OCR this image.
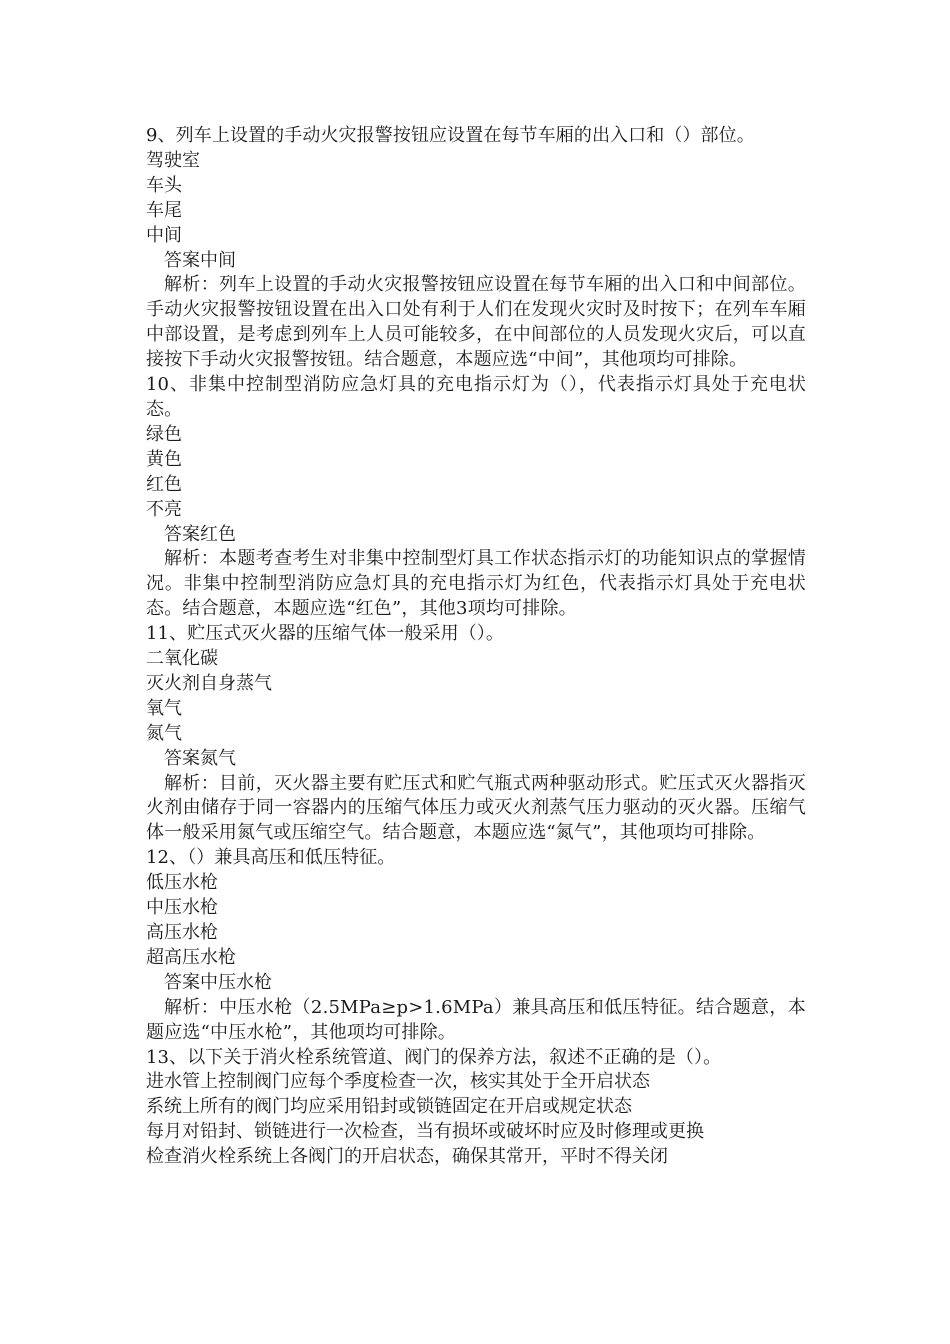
9、列车上设置的手动火灾报警按钮应设置在每节车厢的出入口和（）部位。

驾驶室

车头

车尾

中间

答案中间

解析：列车上设置的手动火灾报警按钮应设置在每节车厢的出入口和中间部位。手动火灾报警按钮设置在出入口处有利于人们在发现火灾时及时按下；在列车车厢中部设置，是考虑到列车上人员可能较多，在中间部位的人员发现火灾后，可以直接按下手动火灾报警按钮。结合题意，本题应选“中间”，其他项均可排除。

10、非集中控制型消防应急灯具的充电指示灯为（），代表指示灯具处于充电状态。

绿色

黄色

红色

不亮

答案红色

解析：本题考查考生对非集中控制型灯具工作状态指示灯的功能知识点的掌握情况。非集中控制型消防应急灯具的充电指示灯为红色，代表指示灯具处于充电状态。结合题意，本题应选“红色”，其他3项均可排除。

11、贮压式灭火器的压缩气体一般采用（）。

二氧化碳

灭火剂自身蒸气

氧气

氮气

答案氮气

解析：目前，灭火器主要有贮压式和贮气瓶式两种驱动形式。贮压式灭火器指灭火剂由储存于同一容器内的压缩气体压力或灭火剂蒸气压力驱动的灭火器。压缩气体一般采用氮气或压缩空气。结合题意，本题应选“氮气”，其他项均可排除。

12、（）兼具高压和低压特征。

低压水枪

中压水枪

高压水枪

超高压水枪

答案中压水枪

解析：中压水枪（2.5MPa≥p>1.6MPa）兼具高压和低压特征。结合题意，本题应选“中压水枪”，其他项均可排除。

13、以下关于消火栓系统管道、阀门的保养方法，叙述不正确的是（）。

进水管上控制阀门应每个季度检查一次，核实其处于全开启状态

系统上所有的阀门均应采用铅封或锁链固定在开启或规定状态

每月对铅封、锁链进行一次检查，当有损坏或破坏时应及时修理或更换

检查消火栓系统上各阀门的开启状态，确保其常开，平时不得关闭
